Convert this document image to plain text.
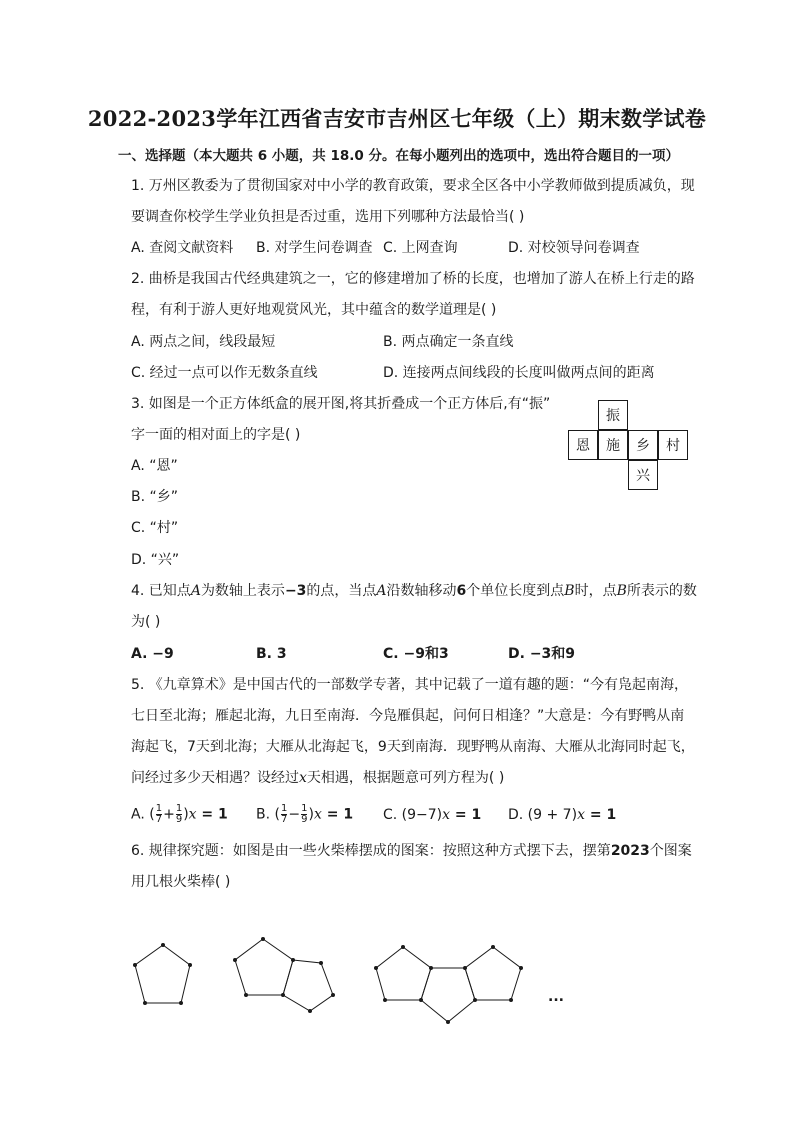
2022-2023学年江西省吉安市吉州区七年级（上）期末数学试卷
一、选择题（本大题共 6 小题，共 18.0 分。在每小题列出的选项中，选出符合题目的一项）
1. 万州区教委为了贯彻国家对中小学的教育政策，要求全区各中小学教师做到提质减负，现
要调查你校学生学业负担是否过重，选用下列哪种方法最恰当( )
A. 查阅文献资料 B. 对学生问卷调查 C. 上网查询	D. 对校领导问卷调查
2. 曲桥是我国古代经典建筑之一，它的修建增加了桥的长度，也增加了游人在桥上行走的路
程，有利于游人更好地观赏风光，其中蕴含的数学道理是( )
A. 两点之间，线段最短	B. 两点确定一条直线
C. 经过一点可以作无数条直线	D. 连接两点间线段的长度叫做两点间的距离
3. 如图是一个正方体纸盒的展开图,将其折叠成一个正方体后,有“振”
字一面的相对面上的字是( )
A. “恩”
B. “乡”
C. “村”
D. “兴”
振
恩	施	乡	村
兴
4. 已知点A为数轴上表示−3的点，当点A沿数轴移动6个单位长度到点B时，点B所表示的数
为( )
A. −9	B. 3	C. −9和3	D. −3和9
5. 《九章算术》是中国古代的一部数学专著，其中记载了一道有趣的题：“今有凫起南海，
七日至北海；雁起北海，九日至南海．今凫雁俱起，问何日相逢？”大意是：今有野鸭从南
海起飞，7天到北海；大雁从北海起飞，9天到南海．现野鸭从南海、大雁从北海同时起飞，
问经过多少天相遇？设经过x天相遇，根据题意可列方程为( )
A. ( $\frac{1}{7} + \frac{1}{9} )x = 1$ B. ( $\frac{1}{7} - \frac{1}{9} )x = 1$ C. (9−7)x = 1 D. (9 + 7)x = 1
6. 规律探究题：如图是由一些火柴棒摆成的图案：按照这种方式摆下去，摆第2023个图案
用几根火柴棒( )
...
